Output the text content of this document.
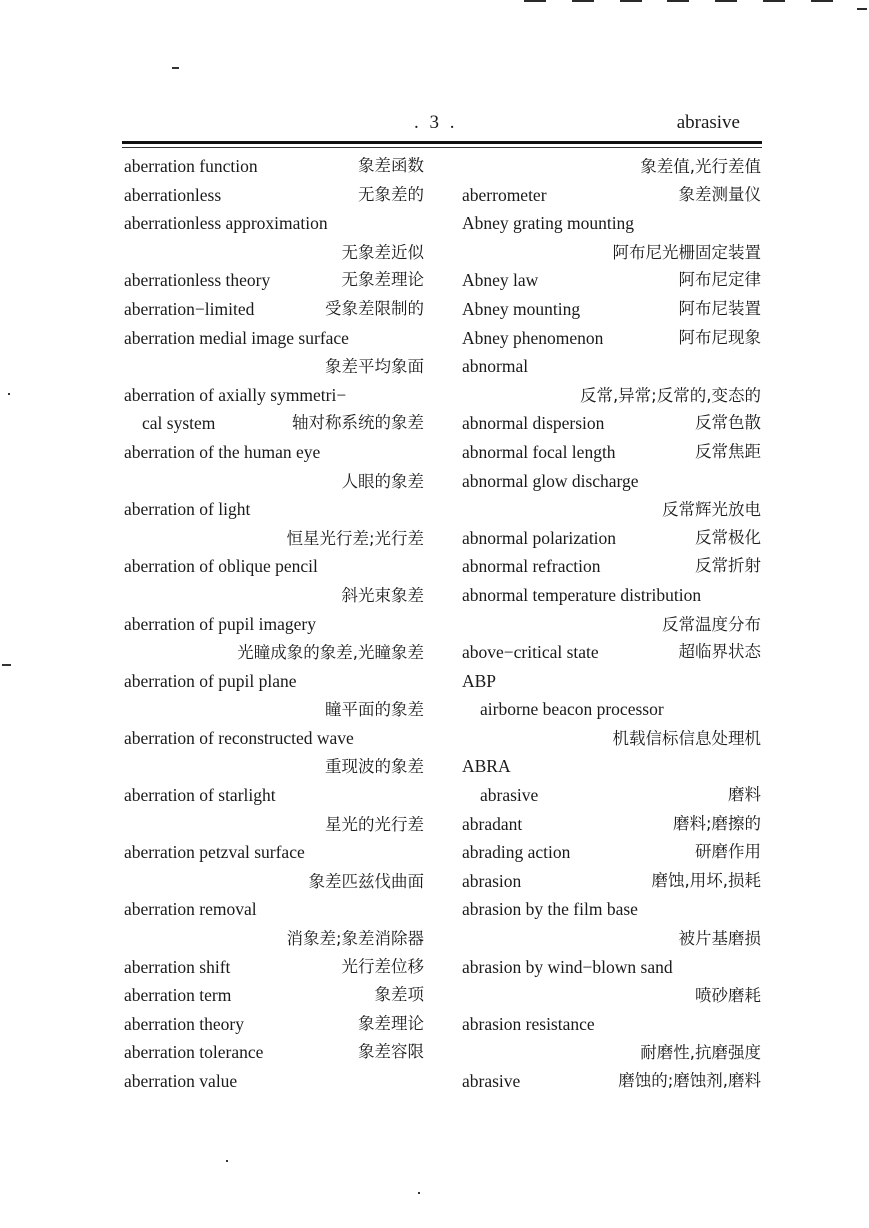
. 3 .	abrasive
aberration function	象差函数
aberrationless	无象差的
aberrationless approximation
无象差近似
aberrationless theory	无象差理论
aberration−limited	受象差限制的
aberration medial image surface
象差平均象面
aberration of axially symmetri−
cal system	轴对称系统的象差
aberration of the human eye
人眼的象差
aberration of light
恒星光行差;光行差
aberration of oblique pencil
斜光束象差
aberration of pupil imagery
光瞳成象的象差,光瞳象差
aberration of pupil plane
瞳平面的象差
aberration of reconstructed wave
重现波的象差
aberration of starlight
星光的光行差
aberration petzval surface
象差匹兹伐曲面
aberration removal
消象差;象差消除器
aberration shift	光行差位移
aberration term	象差项
aberration theory	象差理论
aberration tolerance	象差容限
aberration value
象差值,光行差值
aberrometer	象差测量仪
Abney grating mounting
阿布尼光栅固定装置
Abney law	阿布尼定律
Abney mounting	阿布尼装置
Abney phenomenon	阿布尼现象
abnormal
反常,异常;反常的,变态的
abnormal dispersion	反常色散
abnormal focal length	反常焦距
abnormal glow discharge
反常辉光放电
abnormal polarization	反常极化
abnormal refraction	反常折射
abnormal temperature distribution
反常温度分布
above−critical state	超临界状态
ABP
airborne beacon processor
机载信标信息处理机
ABRA
abrasive	磨料
abradant	磨料;磨擦的
abrading action	研磨作用
abrasion	磨蚀,用坏,损耗
abrasion by the film base
被片基磨损
abrasion by wind−blown sand
喷砂磨耗
abrasion resistance
耐磨性,抗磨强度
abrasive	磨蚀的;磨蚀剂,磨料
